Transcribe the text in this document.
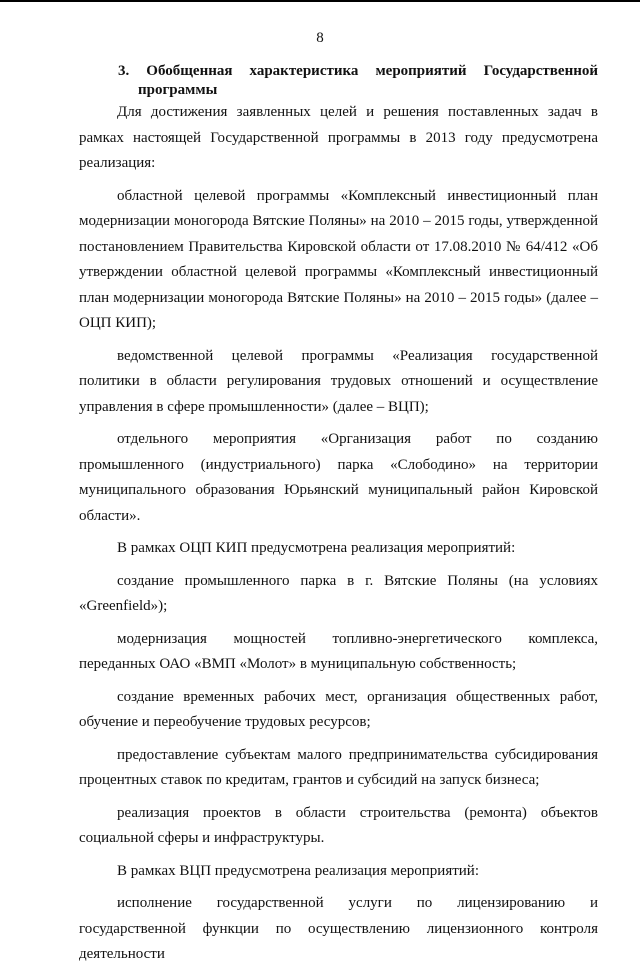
8
3. Обобщенная характеристика мероприятий Государственной
программы

Для достижения заявленных целей и решения поставленных задач в рамках настоящей Государственной программы в 2013 году предусмотрена реализация:

областной целевой программы «Комплексный инвестиционный план модернизации моногорода Вятские Поляны» на 2010 – 2015 годы, утвержденной постановлением Правительства Кировской области от 17.08.2010 № 64/412 «Об утверждении областной целевой программы «Комплексный инвестиционный план модернизации моногорода Вятские Поляны» на 2010 – 2015 годы» (далее – ОЦП КИП);

ведомственной целевой программы «Реализация государственной политики в области регулирования трудовых отношений и осуществление управления в сфере промышленности» (далее – ВЦП);

отдельного мероприятия «Организация работ по созданию промышленного (индустриального) парка «Слободино» на территории муниципального образования Юрьянский муниципальный район Кировской области».

В рамках ОЦП КИП предусмотрена реализация мероприятий:

создание промышленного парка в г. Вятские Поляны (на условиях «Greenfield»);

модернизация мощностей топливно-энергетического комплекса, переданных ОАО «ВМП «Молот» в муниципальную собственность;

создание временных рабочих мест, организация общественных работ, обучение и переобучение трудовых ресурсов;

предоставление субъектам малого предпринимательства субсидирования процентных ставок по кредитам, грантов и субсидий на запуск бизнеса;

реализация проектов в области строительства (ремонта) объектов социальной сферы и инфраструктуры.

В рамках ВЦП предусмотрена реализация мероприятий:

исполнение государственной услуги по лицензированию и государственной функции по осуществлению лицензионного контроля деятельности
